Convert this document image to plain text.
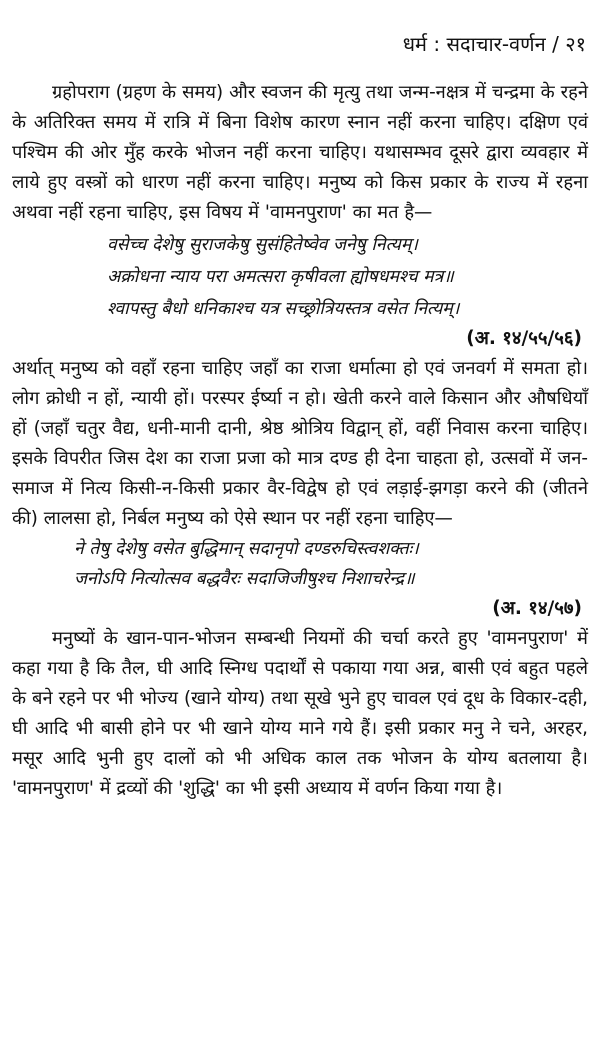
धर्म : सदाचार-वर्णन / २१

ग्रहोपराग (ग्रहण के समय) और स्वजन की मृत्यु तथा जन्म-नक्षत्र में चन्द्रमा के रहने के अतिरिक्त समय में रात्रि में बिना विशेष कारण स्नान नहीं करना चाहिए। दक्षिण एवं पश्चिम की ओर मुँह करके भोजन नहीं करना चाहिए। यथासम्भव दूसरे द्वारा व्यवहार में लाये हुए वस्त्रों को धारण नहीं करना चाहिए। मनुष्य को किस प्रकार के राज्य में रहना अथवा नहीं रहना चाहिए, इस विषय में 'वामनपुराण' का मत है—

वसेच्च देशेषु सुराजकेषु सुसंहितेष्वेव जनेषु नित्यम्।

अक्रोधना न्याय परा अमत्सरा कृषीवला ह्योषधमश्च मत्र॥

श्वापस्तु बैधो धनिकाश्च यत्र सच्छ्रोत्रियस्तत्र वसेत नित्यम्।

(अ. १४/५५/५६)

अर्थात् मनुष्य को वहाँ रहना चाहिए जहाँ का राजा धर्मात्मा हो एवं जनवर्ग में समता हो। लोग क्रोधी न हों, न्यायी हों। परस्पर ईर्ष्या न हो। खेती करने वाले किसान और औषधियाँ हों (जहाँ चतुर वैद्य, धनी-मानी दानी, श्रेष्ठ श्रोत्रिय विद्वान् हों, वहीं निवास करना चाहिए। इसके विपरीत जिस देश का राजा प्रजा को मात्र दण्ड ही देना चाहता हो, उत्सवों में जन-समाज में नित्य किसी-न-किसी प्रकार वैर-विद्वेष हो एवं लड़ाई-झगड़ा करने की (जीतने की) लालसा हो, निर्बल मनुष्य को ऐसे स्थान पर नहीं रहना चाहिए—

ने तेषु देशेषु वसेत बुद्धिमान् सदानृपो दण्डरुचिस्त्वशक्तः।

जनोऽपि नित्योत्सव बद्धवैरः सदाजिजीषुश्च निशाचरेन्द्र॥

(अ. १४/५७)

मनुष्यों के खान-पान-भोजन सम्बन्धी नियमों की चर्चा करते हुए 'वामनपुराण' में कहा गया है कि तैल, घी आदि स्निग्ध पदार्थों से पकाया गया अन्न, बासी एवं बहुत पहले के बने रहने पर भी भोज्य (खाने योग्य) तथा सूखे भुने हुए चावल एवं दूध के विकार-दही, घी आदि भी बासी होने पर भी खाने योग्य माने गये हैं। इसी प्रकार मनु ने चने, अरहर, मसूर आदि भुनी हुए दालों को भी अधिक काल तक भोजन के योग्य बतलाया है। 'वामनपुराण' में द्रव्यों की 'शुद्धि' का भी इसी अध्याय में वर्णन किया गया है।
